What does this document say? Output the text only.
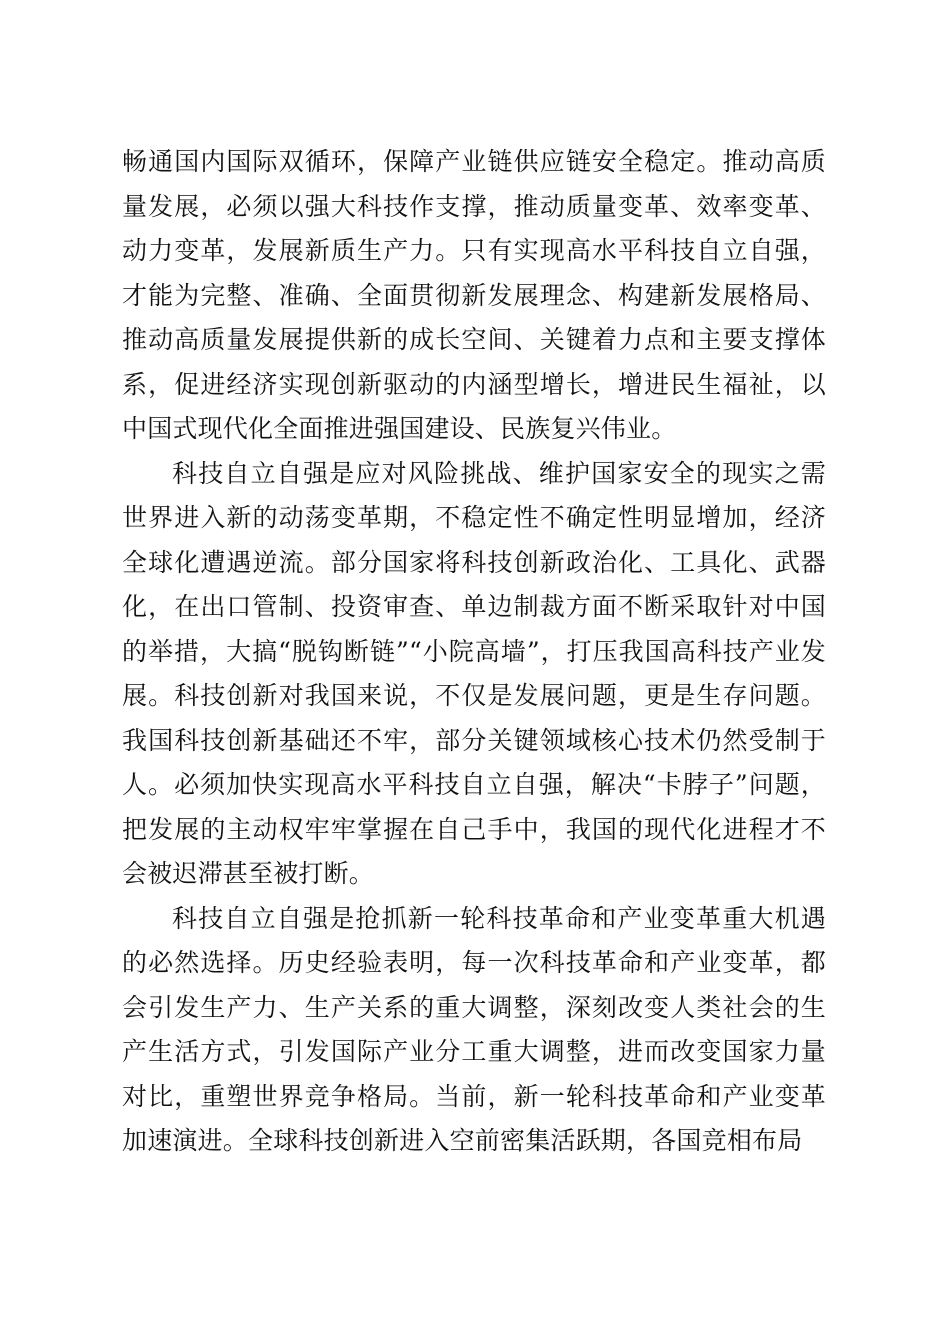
畅通国内国际双循环，保障产业链供应链安全稳定。推动高质量发展，必须以强大科技作支撑，推动质量变革、效率变革、动力变革，发展新质生产力。只有实现高水平科技自立自强，才能为完整、准确、全面贯彻新发展理念、构建新发展格局、推动高质量发展提供新的成长空间、关键着力点和主要支撑体系，促进经济实现创新驱动的内涵型增长，增进民生福祉，以中国式现代化全面推进强国建设、民族复兴伟业。

科技自立自强是应对风险挑战、维护国家安全的现实之需世界进入新的动荡变革期，不稳定性不确定性明显增加，经济全球化遭遇逆流。部分国家将科技创新政治化、工具化、武器化，在出口管制、投资审查、单边制裁方面不断采取针对中国的举措，大搞“脱钩断链”“小院高墙”，打压我国高科技产业发展。科技创新对我国来说，不仅是发展问题，更是生存问题。我国科技创新基础还不牢，部分关键领域核心技术仍然受制于人。必须加快实现高水平科技自立自强，解决“卡脖子”问题，把发展的主动权牢牢掌握在自己手中，我国的现代化进程才不会被迟滞甚至被打断。

科技自立自强是抢抓新一轮科技革命和产业变革重大机遇的必然选择。历史经验表明，每一次科技革命和产业变革，都会引发生产力、生产关系的重大调整，深刻改变人类社会的生产生活方式，引发国际产业分工重大调整，进而改变国家力量对比，重塑世界竞争格局。当前，新一轮科技革命和产业变革加速演进。全球科技创新进入空前密集活跃期，各国竞相布局
